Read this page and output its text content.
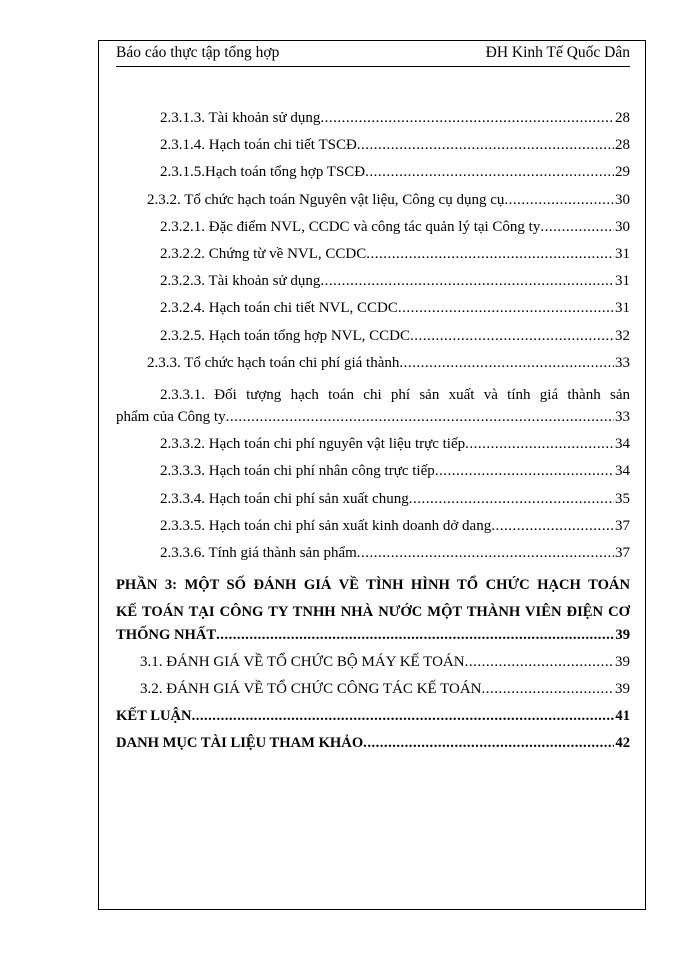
Báo cáo thực tập tổng hợp	ĐH Kinh Tế Quốc Dân
2.3.1.3. Tài khoản sử dụng .....	28
2.3.1.4. Hạch toán chi tiết TSCĐ .....	28
2.3.1.5.Hạch toán tổng hợp TSCĐ .....	29
2.3.2. Tổ chức hạch toán Nguyên vật liệu, Công cụ dụng cụ .....	30
2.3.2.1. Đặc điểm NVL, CCDC và công tác quản lý tại Công ty .....	30
2.3.2.2. Chứng từ về NVL, CCDC .....	31
2.3.2.3. Tài khoản sử dụng .....	31
2.3.2.4. Hạch toán chi tiết NVL, CCDC .....	31
2.3.2.5. Hạch toán tổng hợp NVL, CCDC .....	32
2.3.3. Tổ chức hạch toán chi phí giá thành .....	33
2.3.3.1. Đối tượng hạch toán chi phí sản xuất và tính giá thành sản
phẩm của Công ty .....	33
2.3.3.2. Hạch toán chi phí nguyên vật liệu trực tiếp .....	34
2.3.3.3. Hạch toán chi phí nhân công trực tiếp .....	34
2.3.3.4. Hạch toán chi phí sản xuất chung .....	35
2.3.3.5. Hạch toán chi phí sản xuất kinh doanh dở dang .....	37
2.3.3.6. Tính giá thành sản phẩm .....	37
PHẦN 3: MỘT SỐ ĐÁNH GIÁ VỀ TÌNH HÌNH TỔ CHỨC HẠCH TOÁN
KẾ TOÁN TẠI CÔNG TY TNHH NHÀ NƯỚC MỘT THÀNH VIÊN ĐIỆN CƠ
THỐNG NHẤT .....	39
3.1. ĐÁNH GIÁ VỀ TỔ CHỨC BỘ MÁY KẾ TOÁN .....	39
3.2. ĐÁNH GIÁ VỀ TỔ CHỨC CÔNG TÁC KẾ TOÁN .....	39
KẾT LUẬN .....	41
DANH MỤC TÀI LIỆU THAM KHẢO .....	42
